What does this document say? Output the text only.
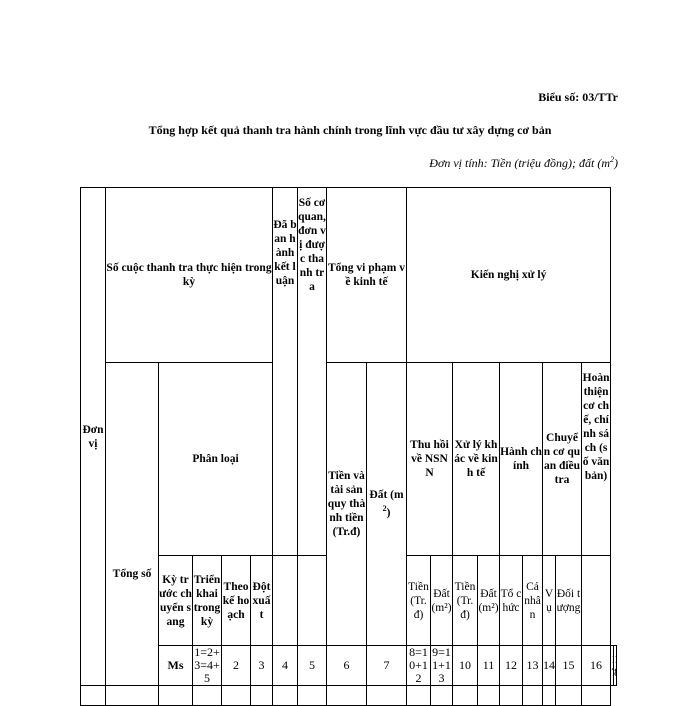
Biểu số: 03/TTr
Tổng hợp kết quả thanh tra hành chính trong lĩnh vực đầu tư xây dựng cơ bản
Đơn vị tính: Tiền (triệu đồng); đất $(m^2)$
Đơn vị	Số cuộc thanh tra thực hiện trong kỳ					Đã ban hành kết luận	Số cơ quan, đơn vị được thanh tra	Tổng vi phạm về kinh tế		Kiến nghị xử lý										
	Tổng số	Phân loại						Tiền và tài sản quy thành tiền (Tr.đ)	Đất $(m^2)$	Thu hồi về NSNN		Xử lý khác về kinh tế		Hành chính		Chuyển cơ quan điều tra		Hoàn thiện cơ chế, chính sách (số văn bản)		
		Kỳ trước chuyển sang	Triển khai trong kỳ	Theo kế hoạch	Đột xuất					Tiền (Tr.đ)	Đất (m²)	Tiền (Tr.đ)	Đất (m²)	Tổ chức	Cá nhân	Vụ	Đối tượng			
		Ms	1=2+3=4+5	2	3	4	5	6	7	8=10+12	9=11+13	10	11	12	13	14	15	16		
